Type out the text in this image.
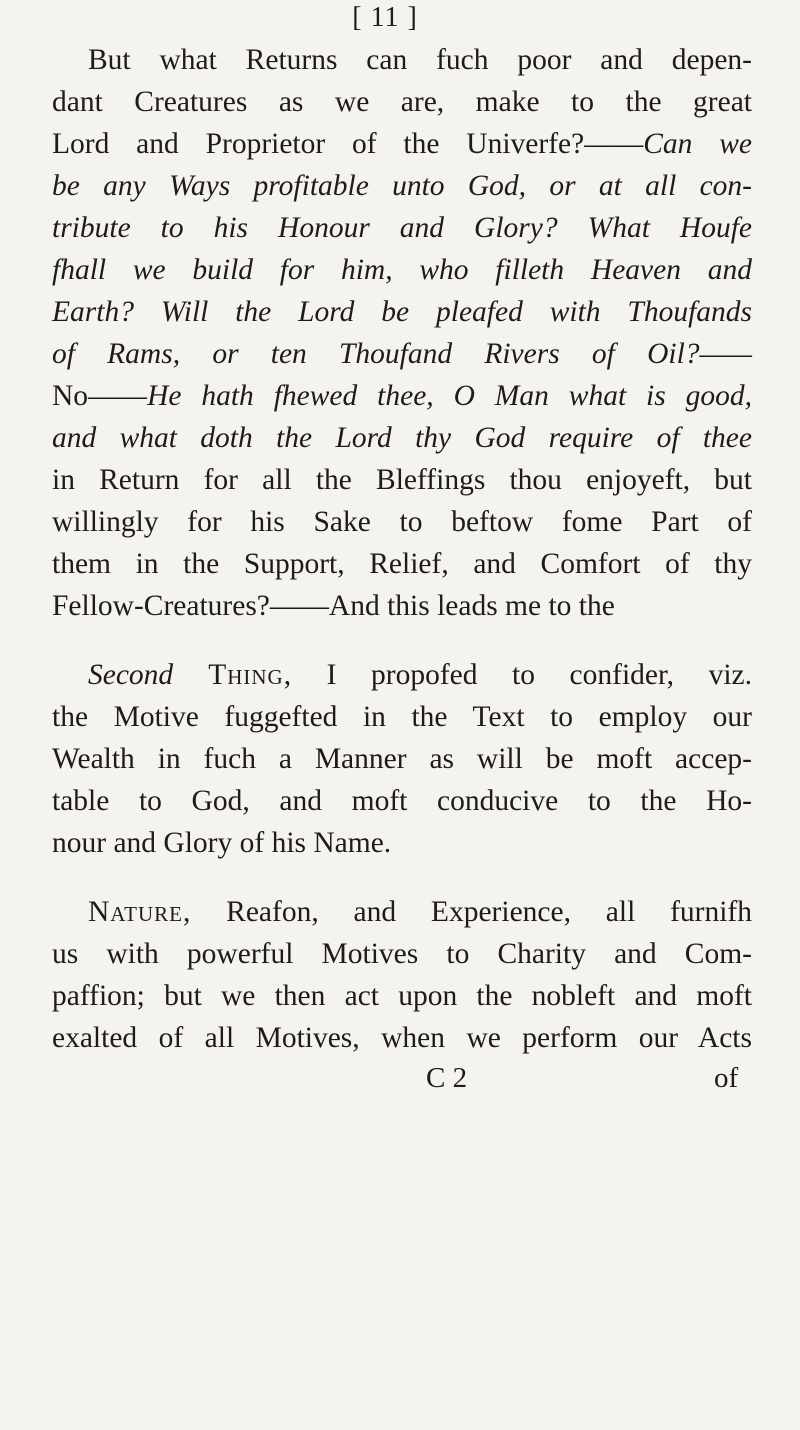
[ 11 ]
But what Returns can fuch poor and depen-
dant Creatures as we are, make to the great
Lord and Proprietor of the Univerfe?——Can we
be any Ways profitable unto God, or at all con-
tribute to his Honour and Glory? What Houfe
fhall we build for him, who filleth Heaven and
Earth? Will the Lord be pleafed with Thoufands
of Rams, or ten Thoufand Rivers of Oil?——
No——He hath fhewed thee, O Man what is good,
and what doth the Lord thy God require of thee
in Return for all the Bleffings thou enjoyeft, but
willingly for his Sake to beftow fome Part of
them in the Support, Relief, and Comfort of thy
Fellow-Creatures?——And this leads me to the
Second Thing, I propofed to confider, viz.
the Motive fuggefted in the Text to employ our
Wealth in fuch a Manner as will be moft accep-
table to God, and moft conducive to the Ho-
nour and Glory of his Name.
Nature, Reafon, and Experience, all furnifh
us with powerful Motives to Charity and Com-
paffion; but we then act upon the nobleft and moft
exalted of all Motives, when we perform our Acts
C 2	of
